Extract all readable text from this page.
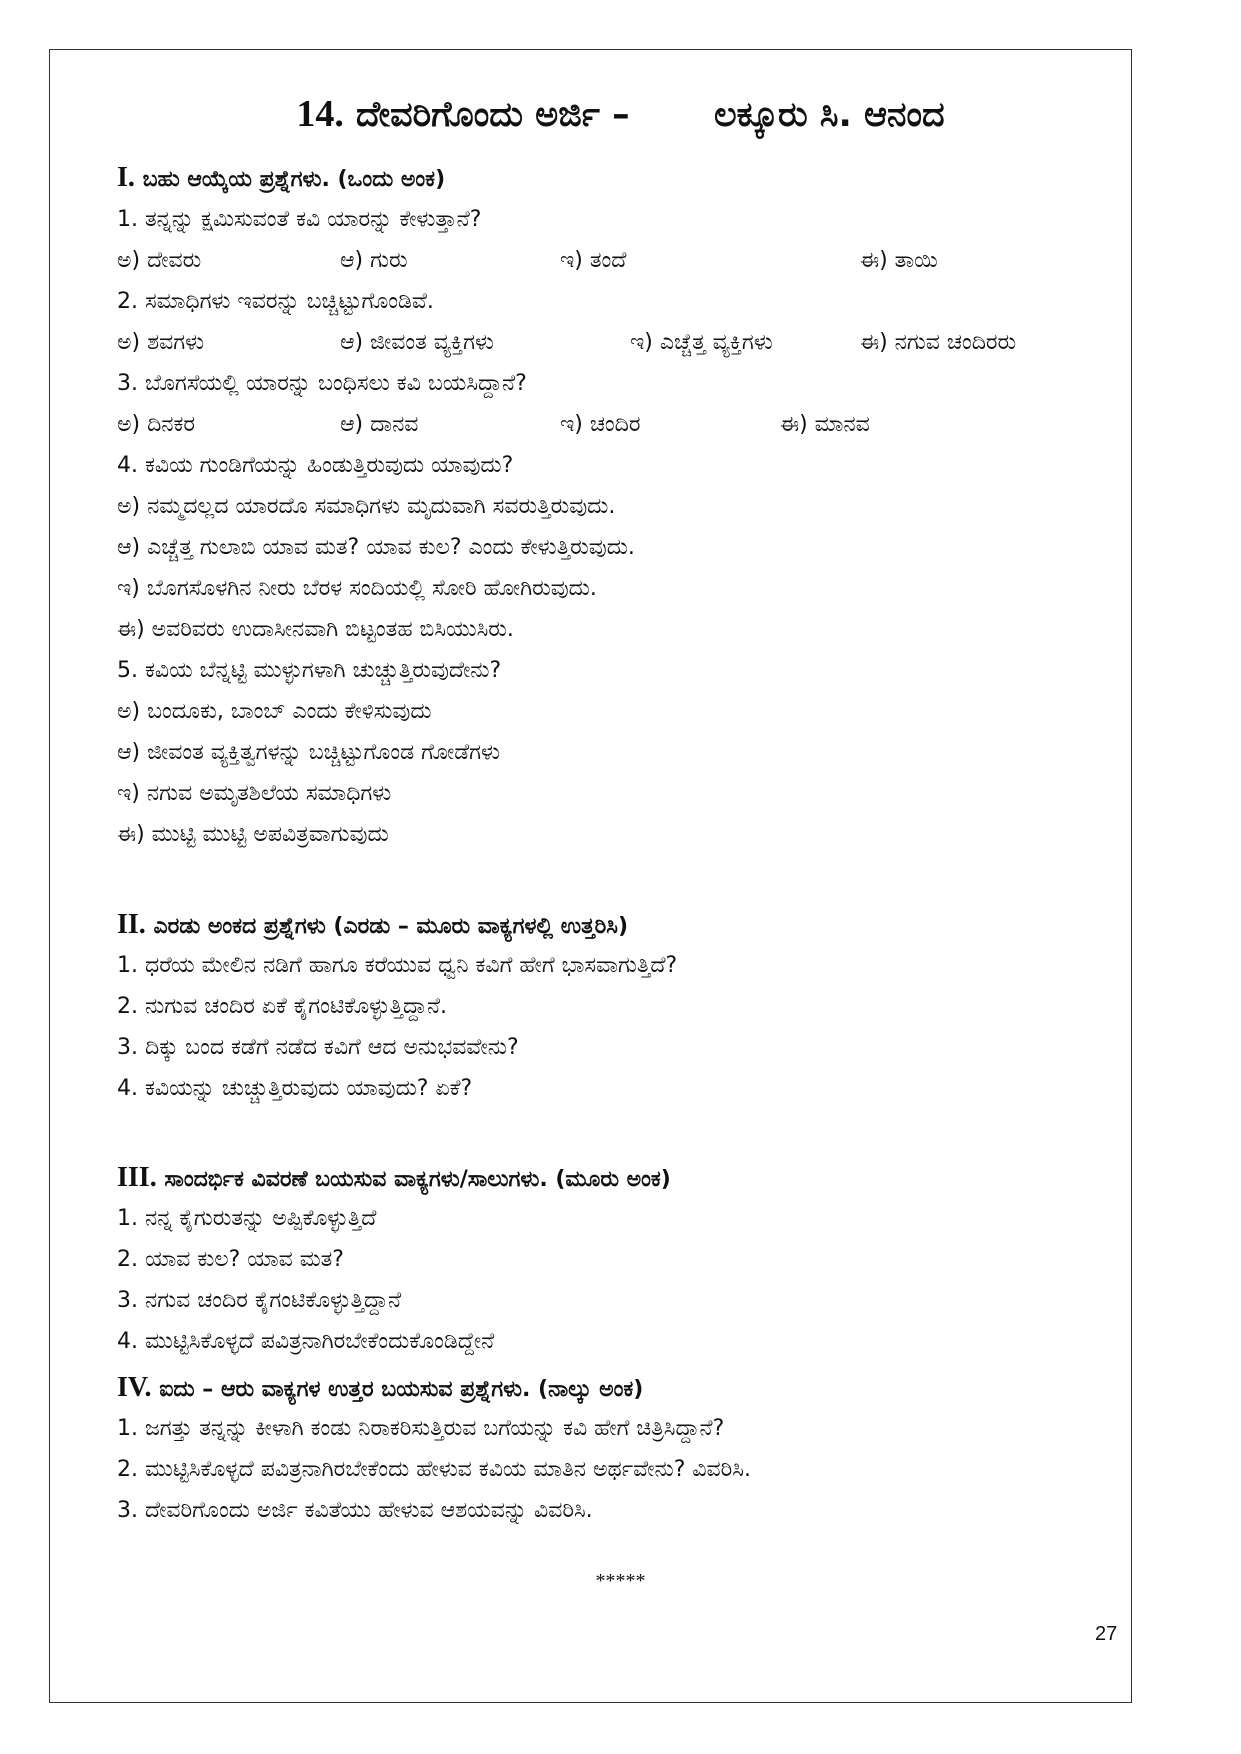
14. ದೇವರಿಗೊಂದು ಅರ್ಜಿ – ಲಕ್ಕೂರು ಸಿ. ಆನಂದ
I. ಬಹು ಆಯ್ಕೆಯ ಪ್ರಶ್ನೆಗಳು. (ಒಂದು ಅಂಕ)
1. ತನ್ನನ್ನು ಕ್ಷಮಿಸುವಂತೆ ಕವಿ ಯಾರನ್ನು ಕೇಳುತ್ತಾನೆ?
ಅ) ದೇವರು	ಆ) ಗುರು	ಇ) ತಂದೆ	ಈ) ತಾಯಿ
2. ಸಮಾಧಿಗಳು ಇವರನ್ನು ಬಚ್ಚಿಟ್ಟುಗೊಂಡಿವೆ.
ಅ) ಶವಗಳು	ಆ) ಜೀವಂತ ವ್ಯಕ್ತಿಗಳು	ಇ) ಎಚ್ಚೆತ್ತ ವ್ಯಕ್ತಿಗಳು	ಈ) ನಗುವ ಚಂದಿರರು
3. ಬೊಗಸೆಯಲ್ಲಿ ಯಾರನ್ನು ಬಂಧಿಸಲು ಕವಿ ಬಯಸಿದ್ದಾನೆ?
ಅ) ದಿನಕರ	ಆ) ದಾನವ	ಇ) ಚಂದಿರ	ಈ) ಮಾನವ
4. ಕವಿಯ ಗುಂಡಿಗೆಯನ್ನು ಹಿಂಡುತ್ತಿರುವುದು ಯಾವುದು?
ಅ) ನಮ್ಮದಲ್ಲದ ಯಾರದೊ ಸಮಾಧಿಗಳು ಮೃದುವಾಗಿ ಸವರುತ್ತಿರುವುದು.
ಆ) ಎಚ್ಚೆತ್ತ ಗುಲಾಬಿ ಯಾವ ಮತ? ಯಾವ ಕುಲ? ಎಂದು ಕೇಳುತ್ತಿರುವುದು.
ಇ) ಬೊಗಸೊಳಗಿನ ನೀರು ಬೆರಳ ಸಂದಿಯಲ್ಲಿ ಸೋರಿ ಹೋಗಿರುವುದು.
ಈ) ಅವರಿವರು ಉದಾಸೀನವಾಗಿ ಬಿಟ್ಟಂತಹ ಬಿಸಿಯುಸಿರು.
5. ಕವಿಯ ಬೆನ್ನಟ್ಟಿ ಮುಳ್ಳುಗಳಾಗಿ ಚುಚ್ಚುತ್ತಿರುವುದೇನು?
ಅ) ಬಂದೂಕು, ಬಾಂಬ್ ಎಂದು ಕೇಳಿಸುವುದು
ಆ) ಜೀವಂತ ವ್ಯಕ್ತಿತ್ವಗಳನ್ನು ಬಚ್ಚಿಟ್ಟುಗೊಂಡ ಗೋಡೆಗಳು
ಇ) ನಗುವ ಅಮೃತಶಿಲೆಯ ಸಮಾಧಿಗಳು
ಈ) ಮುಟ್ಟಿ ಮುಟ್ಟಿ ಅಪವಿತ್ರವಾಗುವುದು
II. ಎರಡು ಅಂಕದ ಪ್ರಶ್ನೆಗಳು (ಎರಡು – ಮೂರು ವಾಕ್ಯಗಳಲ್ಲಿ ಉತ್ತರಿಸಿ)
1. ಧರೆಯ ಮೇಲಿನ ನಡಿಗೆ ಹಾಗೂ ಕರೆಯುವ ಧ್ವನಿ ಕವಿಗೆ ಹೇಗೆ ಭಾಸವಾಗುತ್ತಿದೆ?
2. ನುಗುವ ಚಂದಿರ ಏಕೆ ಕೈಗಂಟಿಕೊಳ್ಳುತ್ತಿದ್ದಾನೆ.
3. ದಿಕ್ಕು ಬಂದ ಕಡೆಗೆ ನಡೆದ ಕವಿಗೆ ಆದ ಅನುಭವವೇನು?
4. ಕವಿಯನ್ನು ಚುಚ್ಚುತ್ತಿರುವುದು ಯಾವುದು? ಏಕೆ?
III. ಸಾಂದರ್ಭಿಕ ವಿವರಣೆ ಬಯಸುವ ವಾಕ್ಯಗಳು/ಸಾಲುಗಳು. (ಮೂರು ಅಂಕ)
1. ನನ್ನ ಕೈಗುರುತನ್ನು ಅಪ್ಪಿಕೊಳ್ಳುತ್ತಿದೆ
2. ಯಾವ ಕುಲ? ಯಾವ ಮತ?
3. ನಗುವ ಚಂದಿರ ಕೈಗಂಟಿಕೊಳ್ಳುತ್ತಿದ್ದಾನೆ
4. ಮುಟ್ಟಿಸಿಕೊಳ್ಳದೆ ಪವಿತ್ರನಾಗಿರಬೇಕೆಂದುಕೊಂಡಿದ್ದೇನೆ
IV. ಐದು – ಆರು ವಾಕ್ಯಗಳ ಉತ್ತರ ಬಯಸುವ ಪ್ರಶ್ನೆಗಳು. (ನಾಲ್ಕು ಅಂಕ)
1. ಜಗತ್ತು ತನ್ನನ್ನು ಕೀಳಾಗಿ ಕಂಡು ನಿರಾಕರಿಸುತ್ತಿರುವ ಬಗೆಯನ್ನು ಕವಿ ಹೇಗೆ ಚಿತ್ರಿಸಿದ್ದಾನೆ?
2. ಮುಟ್ಟಿಸಿಕೊಳ್ಳದೆ ಪವಿತ್ರನಾಗಿರಬೇಕೆಂದು ಹೇಳುವ ಕವಿಯ ಮಾತಿನ ಅರ್ಥವೇನು? ವಿವರಿಸಿ.
3. ದೇವರಿಗೊಂದು ಅರ್ಜಿ ಕವಿತೆಯು ಹೇಳುವ ಆಶಯವನ್ನು ವಿವರಿಸಿ.
*****
27
